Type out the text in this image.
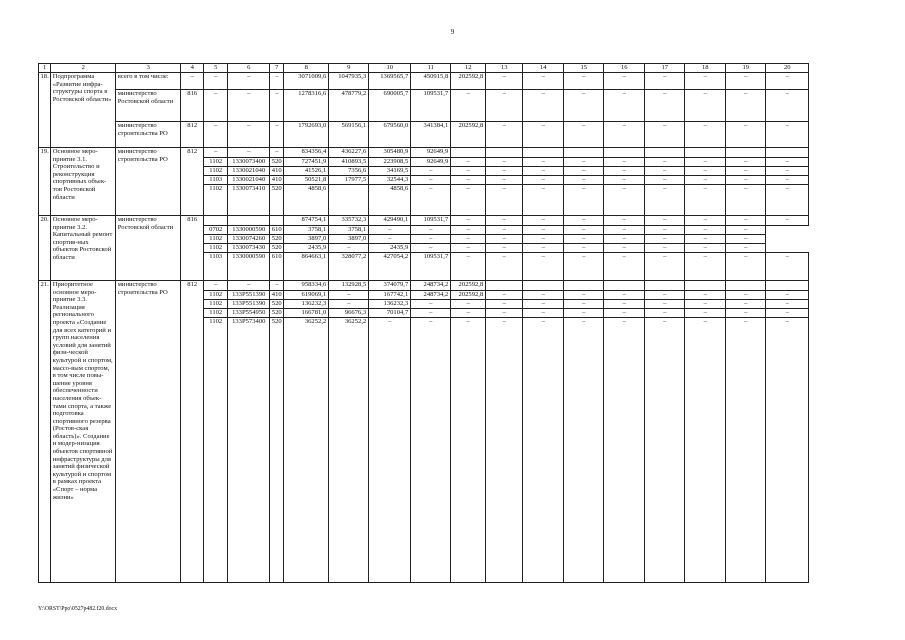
9
1	2	3	4	5	6	7	8	9	10	11	12	13	14	15	16	17	18	19	20
18.	Подпрограмма «Развитие инфра-структуры спорта в Ростовской области»	всего в том числе:	–	–	–	–	3071009,6	1047935,3	1369565,7	450915,8	202592,8	–	–	–	–	–	–	–	–
		министерство Ростовской области	816	–	–	–	1278316,6	478779,2	690005,7	109531,7	–	–	–	–	–	–	–	–	–
		министерство строительства РО	812	–	–	–	1792693,0	569156,1	679560,0	341384,1	202592,8	–	–	–	–	–	–	–	–
19.	Основное меро-приятие 3.1. Строительство и реконструкция спортивных объек-тов Ростовской области	министерство строительства РО	812	–	–	–	834356,4	436227,6	305480,9	92649,9									
				1102	1330073400	520	727451,9	410893,5	223908,5	92649,9	–	–	–	–	–	–	–	–	–
				1102	1330021040	410	41526,1	7356,6	34169,5	–	–	–	–	–	–	–	–	–	–
				1103	1330021040	410	50521,8	17977,5	32544,3	–	–	–	–	–	–	–	–	–	–
				1102	1330073410	520	4858,6		4858,6	–	–	–	–	–	–	–	–	–	–
20.	Основное меро-приятие 3.2. Капитальный ремонт спортив-ных объектов Ростовской области	министерство Ростовской области	816				874754,1	335732,3	429490,1	109531,7	–	–	–	–	–	–	–	–	–
				0702	1330000590	610	3758,1	3758,1	–	–	–	–	–	–	–	–	–	–	
				1102	1330074260	520	3897,0	3897,0	–	–	–	–	–	–	–	–	–	–	
				1102	1330073430	520	2435,9	–	2435,9	–	–	–	–	–	–	–	–	–	
				1103	1330000590	610	864663,1	328077,2	427054,2	109531,7	–	–	–	–	–	–	–	–	–
21.	Приоритетное основное меро-приятие 3.3. Реализация регионального проекта «Создание для всех категорий и групп населения условий для занятий физи-ческой культурой и спортом, массо-вым спортом, в том числе повы-шение уровня обеспеченности населения объек-тами спорта, а также подготовка спортивного резерва (Ростов-ская область)». Создание и модер-низация объектов спортивной инфраструктуры для занятий физической культурой и спортом в рамках проекта «Спорт – норма жизни»	министерство строительства РО	812	–	–	–	958334,6	132928,5	374079,7	248734,2	202592,8								
				1102	133P551390	410	619069,1	–	167742,1	248734,2	202592,8	–	–	–	–	–	–	–	–
				1102	133P551390	520	136232,3	–	136232,3	–	–	–	–	–	–	–	–	–	–
				1102	133P554950	520	166781,0	96676,3	70104,7	–	–	–	–	–	–	–	–	–	–
				1102	133P573400	520	36252,2	36252,2	–	–	–	–	–	–	–	–	–	–	–
Y:\ORST\Ppo\0527p482.f20.docx
